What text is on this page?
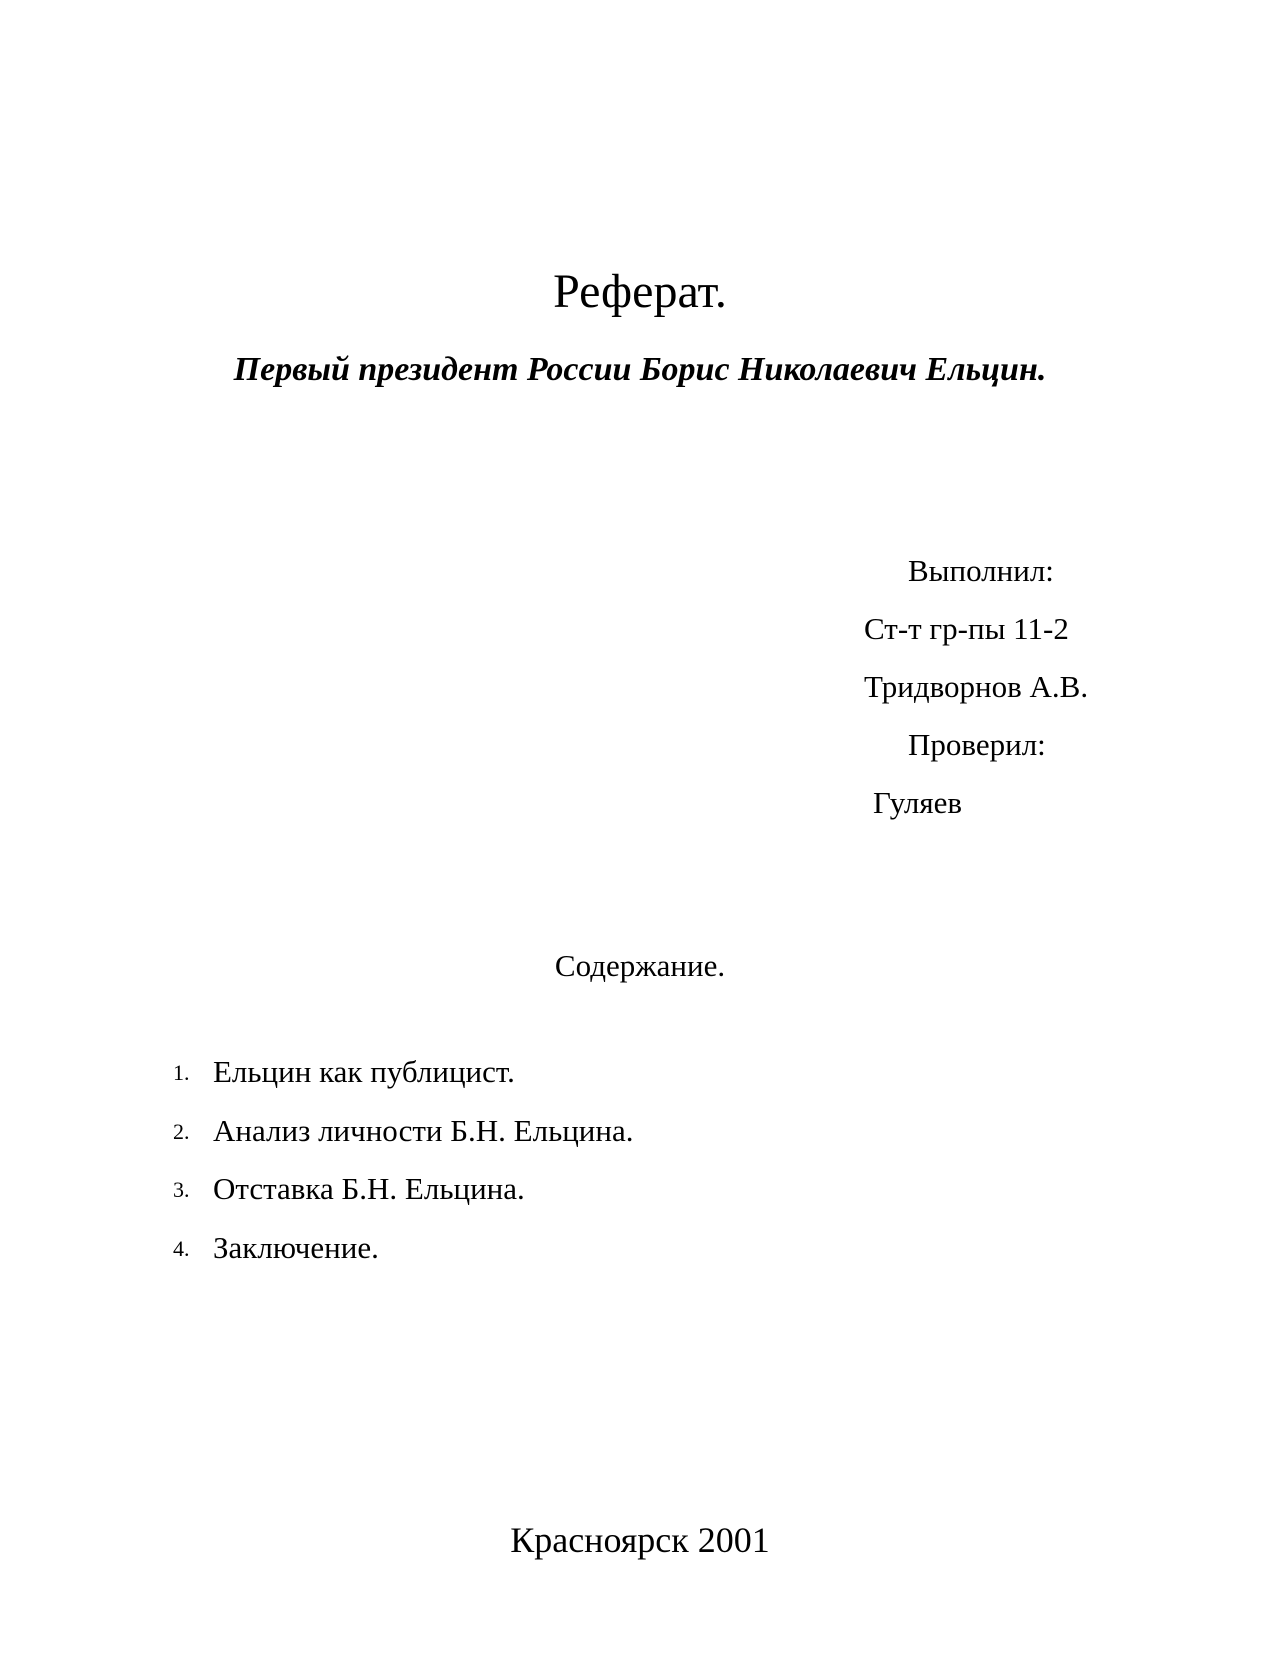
Реферат.
Первый президент России Борис Николаевич Ельцин.
Выполнил:
Ст-т гр-пы 11-2
Тридворнов А.В.
Проверил:
Гуляев
Содержание.
1. Ельцин как публицист.
2. Анализ личности Б.Н. Ельцина.
3. Отставка Б.Н. Ельцина.
4. Заключение.
Красноярск 2001
